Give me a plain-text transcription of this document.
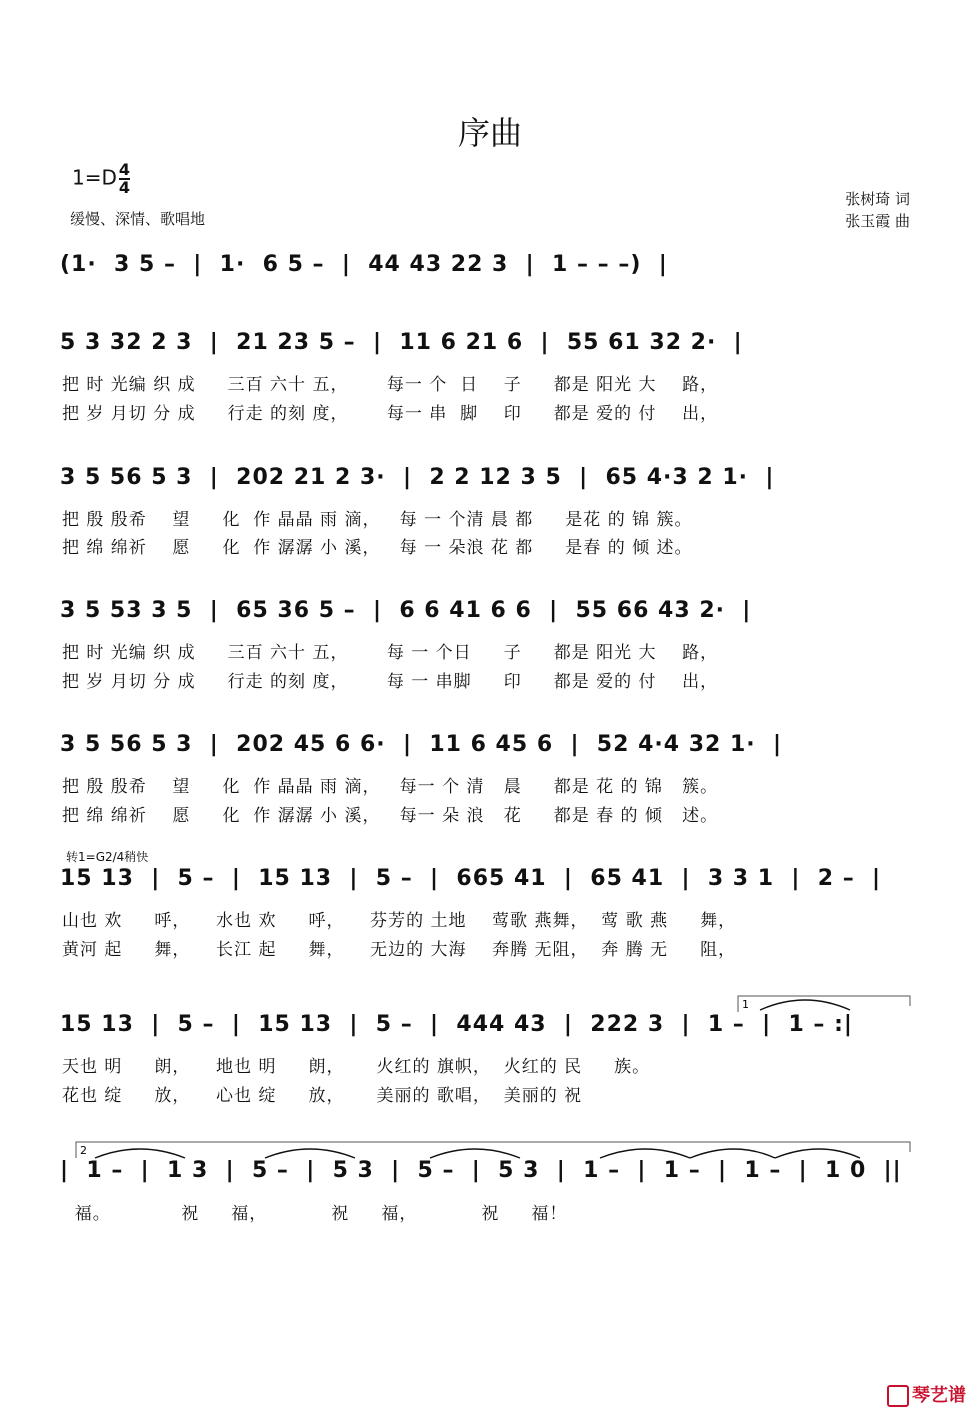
序曲
$1=D \frac{4}{4}$
缓慢、深情、歌唱地
张树琦 词
张玉霞 曲
(1·  3 5 –  |  1·  6 5 –  |  44 43 22 3  |  1 – – –)  |
5 3 32 2 3  |  21 23 5 –  |  11 6 21 6  |  55 61 32 2·  |
把 时 光编 织 成     三百 六十 五，      每一 个  日    子     都是 阳光 大    路，
把 岁 月切 分 成     行走 的刻 度，      每一 串  脚    印     都是 爱的 付    出，
3 5 56 5 3  |  202 21 2 3·  |  2 2 12 3 5  |  65 4·3 2 1·  |
把 殷 殷希    望     化  作 晶晶 雨 滴，   每 一 个清 晨 都     是花 的 锦 簇。
把 绵 绵祈    愿     化  作 潺潺 小 溪，   每 一 朵浪 花 都     是春 的 倾 述。
3 5 53 3 5  |  65 36 5 –  |  6 6 41 6 6  |  55 66 43 2·  |
把 时 光编 织 成     三百 六十 五，      每 一 个日     子     都是 阳光 大    路，
把 岁 月切 分 成     行走 的刻 度，      每 一 串脚     印     都是 爱的 付    出，
3 5 56 5 3  |  202 45 6 6·  |  11 6 45 6  |  52 4·4 32 1·  |
把 殷 殷希    望     化  作 晶晶 雨 滴，   每一 个 清   晨     都是 花 的 锦   簇。
把 绵 绵祈    愿     化  作 潺潺 小 溪，   每一 朵 浪   花     都是 春 的 倾   述。
转1=G2/4稍快
15 13  |  5 –  |  15 13  |  5 –  |  665 41  |  65 41  |  3 3 1  |  2 –  |
山也 欢     呼，    水也 欢     呼，    芬芳的 土地    莺歌 燕舞，  莺 歌 燕     舞，
黄河 起     舞，    长江 起     舞，    无边的 大海    奔腾 无阻，  奔 腾 无     阻，
15 13  |  5 –  |  15 13  |  5 –  |  444 43  |  222 3  |  1 –  |  1 – :|
天也 明     朗，    地也 明     朗，     火红的 旗帜，  火红的 民     族。
花也 绽     放，    心也 绽     放，     美丽的 歌唱，  美丽的 祝
|  1 –  |  1 3  |  5 –  |  5 3  |  5 –  |  5 3  |  1 –  |  1 –  |  1 –  |  1 0  ||
福。           祝     福，          祝     福，          祝     福！
1
2
琴艺谱
